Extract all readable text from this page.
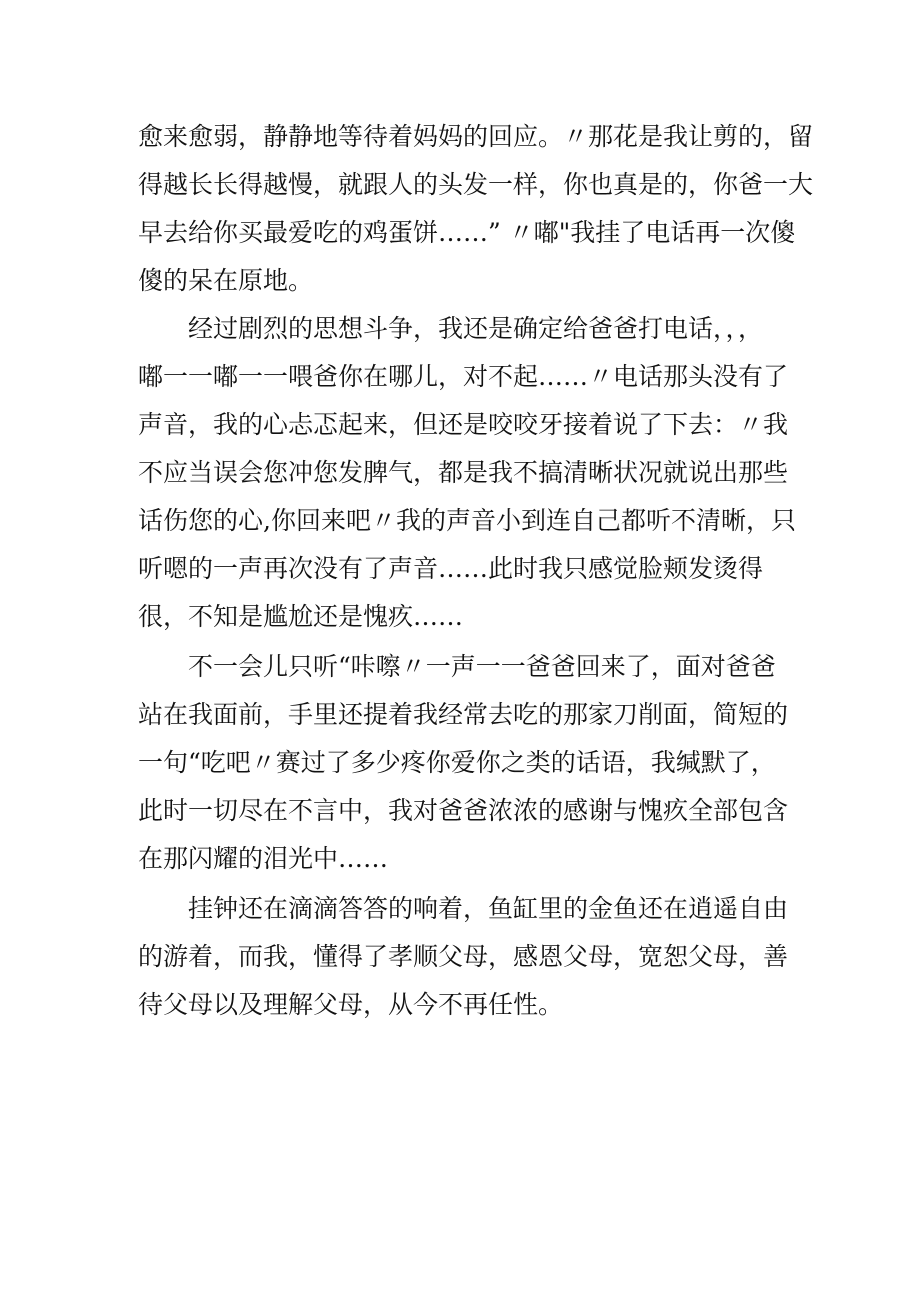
愈来愈弱，静静地等待着妈妈的回应。〃那花是我让剪的，留
得越长长得越慢，就跟人的头发一样，你也真是的，你爸一大
早去给你买最爱吃的鸡蛋饼……” 〃嘟"我挂了电话再一次傻
傻的呆在原地。
经过剧烈的思想斗争，我还是确定给爸爸打电话，，，
嘟一一嘟一一喂爸你在哪儿，对不起……〃电话那头没有了
声音，我的心忐忑起来，但还是咬咬牙接着说了下去：〃我
不应当误会您冲您发脾气，都是我不搞清晰状况就说出那些
话伤您的心,你回来吧〃我的声音小到连自己都听不清晰，只
听嗯的一声再次没有了声音……此时我只感觉脸颊发烫得
很，不知是尴尬还是愧疚……
不一会儿只听“咔嚓〃一声一一爸爸回来了，面对爸爸
站在我面前，手里还提着我经常去吃的那家刀削面，简短的
一句“吃吧〃赛过了多少疼你爱你之类的话语，我缄默了，
此时一切尽在不言中，我对爸爸浓浓的感谢与愧疚全部包含
在那闪耀的泪光中……
挂钟还在滴滴答答的响着，鱼缸里的金鱼还在逍遥自由
的游着，而我，懂得了孝顺父母，感恩父母，宽恕父母，善
待父母以及理解父母，从今不再任性。
